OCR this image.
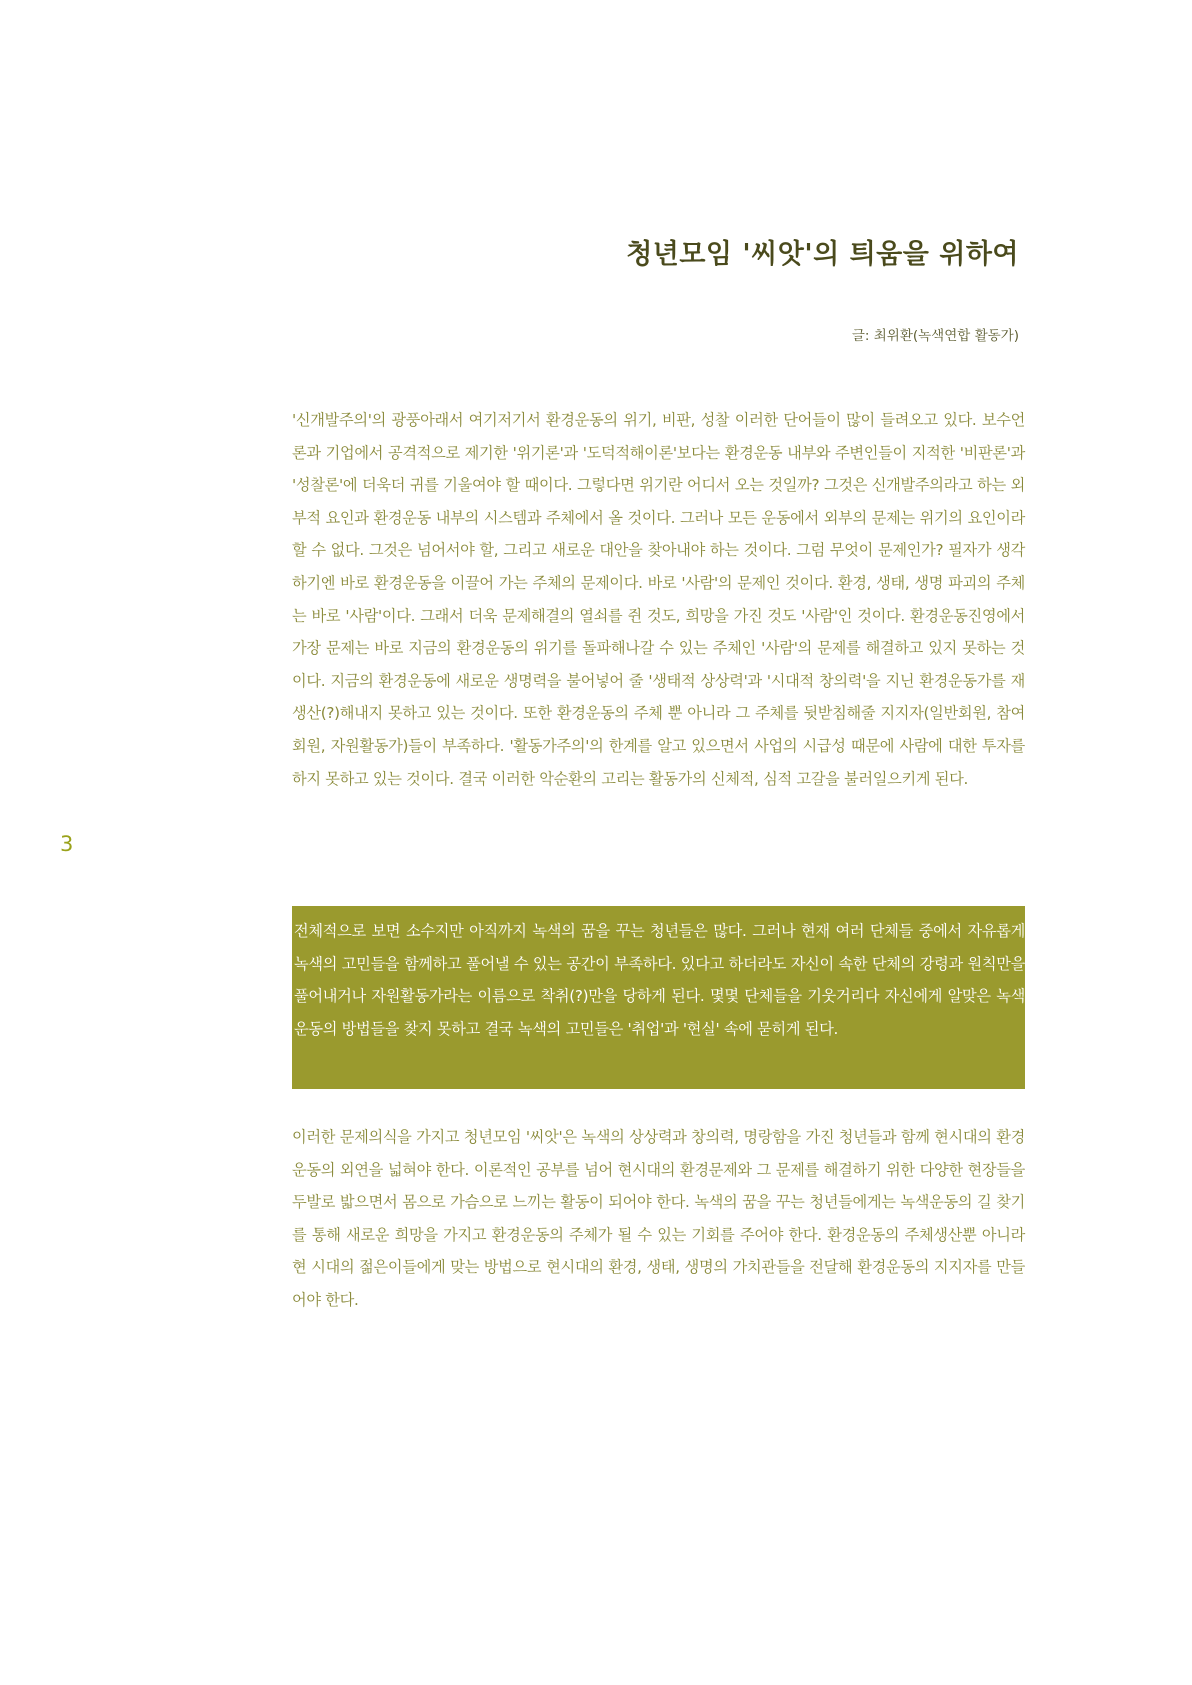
청년모임 '씨앗'의 틔움을 위하여

글: 최위환(녹색연합 활동가)

3

'신개발주의'의 광풍아래서 여기저기서 환경운동의 위기, 비판, 성찰 이러한 단어들이 많이 들려오고 있다. 보수언론과 기업에서 공격적으로 제기한 '위기론'과 '도덕적해이론'보다는 환경운동 내부와 주변인들이 지적한 '비판론'과 '성찰론'에 더욱더 귀를 기울여야 할 때이다. 그렇다면 위기란 어디서 오는 것일까? 그것은 신개발주의라고 하는 외부적 요인과 환경운동 내부의 시스템과 주체에서 올 것이다. 그러나 모든 운동에서 외부의 문제는 위기의 요인이라 할 수 없다. 그것은 넘어서야 할, 그리고 새로운 대안을 찾아내야 하는 것이다. 그럼 무엇이 문제인가? 필자가 생각하기엔 바로 환경운동을 이끌어 가는 주체의 문제이다. 바로 '사람'의 문제인 것이다. 환경, 생태, 생명 파괴의 주체는 바로 '사람'이다. 그래서 더욱 문제해결의 열쇠를 쥔 것도, 희망을 가진 것도 '사람'인 것이다. 환경운동진영에서 가장 문제는 바로 지금의 환경운동의 위기를 돌파해나갈 수 있는 주체인 '사람'의 문제를 해결하고 있지 못하는 것이다. 지금의 환경운동에 새로운 생명력을 불어넣어 줄 '생태적 상상력'과 '시대적 창의력'을 지닌 환경운동가를 재생산(?)해내지 못하고 있는 것이다. 또한 환경운동의 주체 뿐 아니라 그 주체를 뒷받침해줄 지지자(일반회원, 참여회원, 자원활동가)들이 부족하다. '활동가주의'의 한계를 알고 있으면서 사업의 시급성 때문에 사람에 대한 투자를 하지 못하고 있는 것이다. 결국 이러한 악순환의 고리는 활동가의 신체적, 심적 고갈을 불러일으키게 된다.

전체적으로 보면 소수지만 아직까지 녹색의 꿈을 꾸는 청년들은 많다. 그러나 현재 여러 단체들 중에서 자유롭게 녹색의 고민들을 함께하고 풀어낼 수 있는 공간이 부족하다. 있다고 하더라도 자신이 속한 단체의 강령과 원칙만을 풀어내거나 자원활동가라는 이름으로 착취(?)만을 당하게 된다. 몇몇 단체들을 기웃거리다 자신에게 알맞은 녹색운동의 방법들을 찾지 못하고 결국 녹색의 고민들은 '취업'과 '현실' 속에 묻히게 된다.

이러한 문제의식을 가지고 청년모임 '씨앗'은 녹색의 상상력과 창의력, 명랑함을 가진 청년들과 함께 현시대의 환경운동의 외연을 넓혀야 한다. 이론적인 공부를 넘어 현시대의 환경문제와 그 문제를 해결하기 위한 다양한 현장들을 두발로 밟으면서 몸으로 가슴으로 느끼는 활동이 되어야 한다. 녹색의 꿈을 꾸는 청년들에게는 녹색운동의 길 찾기를 통해 새로운 희망을 가지고 환경운동의 주체가 될 수 있는 기회를 주어야 한다. 환경운동의 주체생산뿐 아니라 현 시대의 젊은이들에게 맞는 방법으로 현시대의 환경, 생태, 생명의 가치관들을 전달해 환경운동의 지지자를 만들어야 한다.
